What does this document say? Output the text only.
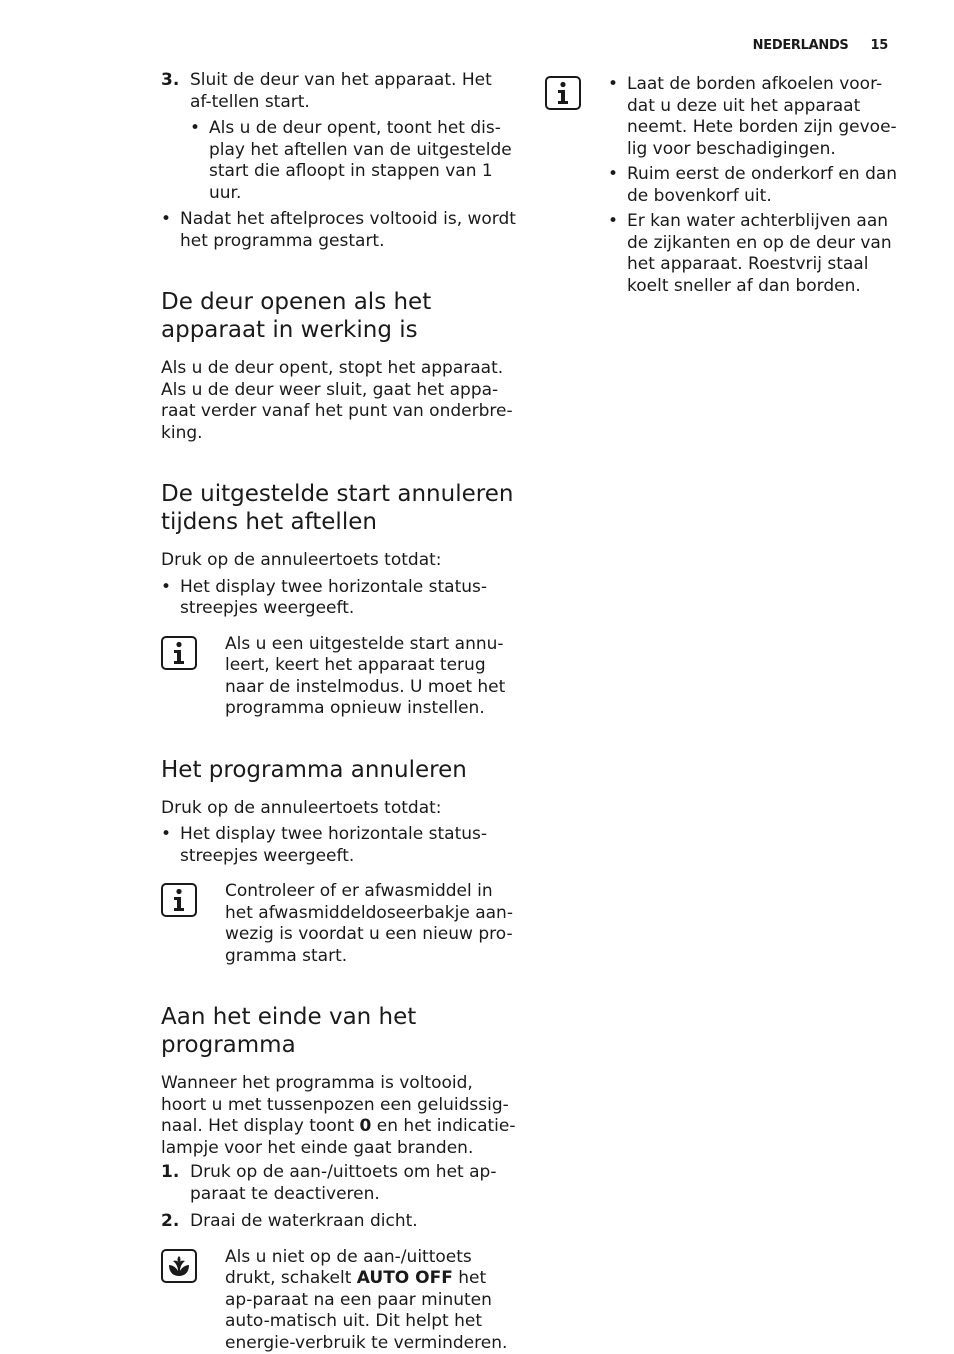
NEDERLANDS 15
3. Sluit de deur van het apparaat. Het af-tellen start.
• Als u de deur opent, toont het dis-play het aftellen van de uitgestelde start die afloopt in stappen van 1 uur.
• Nadat het aftelproces voltooid is, wordt het programma gestart.
De deur openen als het apparaat in werking is

Als u de deur opent, stopt het apparaat. Als u de deur weer sluit, gaat het appa-raat verder vanaf het punt van onderbre-king.

De uitgestelde start annuleren tijdens het aftellen

Druk op de annuleertoets totdat:

• Het display twee horizontale status-streepjes weergeeft.
Als u een uitgestelde start annu-leert, keert het apparaat terug naar de instelmodus. U moet het programma opnieuw instellen.
Het programma annuleren

Druk op de annuleertoets totdat:

• Het display twee horizontale status-streepjes weergeeft.
Controleer of er afwasmiddel in het afwasmiddeldoseerbakje aan-wezig is voordat u een nieuw pro-gramma start.
Aan het einde van het programma

Wanneer het programma is voltooid, hoort u met tussenpozen een geluidssig-naal. Het display toont 0 en het indicatie-lampje voor het einde gaat branden.

1. Druk op de aan-/uittoets om het ap-paraat te deactiveren.
2. Draai de waterkraan dicht.
Als u niet op de aan-/uittoets drukt, schakelt AUTO OFF het ap-paraat na een paar minuten auto-matisch uit. Dit helpt het energie-verbruik te verminderen.
• Laat de borden afkoelen voor-dat u deze uit het apparaat neemt. Hete borden zijn gevoe-lig voor beschadigingen.
• Ruim eerst de onderkorf en dan de bovenkorf uit.
• Er kan water achterblijven aan de zijkanten en op de deur van het apparaat. Roestvrij staal koelt sneller af dan borden.
